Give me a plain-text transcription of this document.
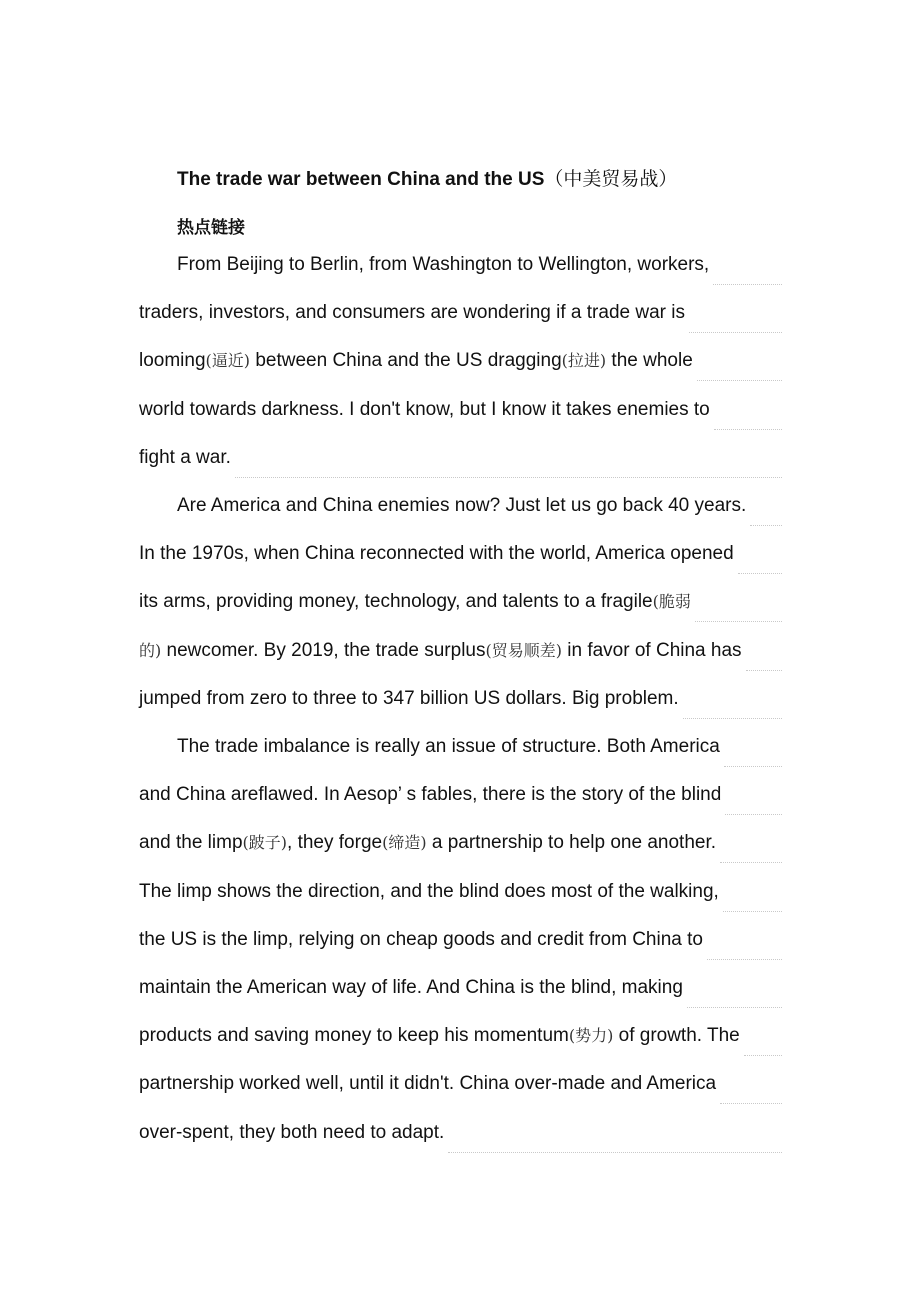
The trade war between China and the US（中美贸易战）
热点链接
From Beijing to Berlin, from Washington to Wellington, workers,
traders, investors, and consumers are wondering if a trade war is
looming(逼近) between China and the US dragging(拉进) the whole
world towards darkness. I don't know, but I know it takes enemies to
fight a war.
Are America and China enemies now? Just let us go back 40 years.
In the 1970s, when China reconnected with the world, America opened
its arms, providing money, technology, and talents to a fragile(脆弱
的) newcomer. By 2019, the trade surplus(贸易顺差) in favor of China has
jumped from zero to three to 347 billion US dollars. Big problem.
The trade imbalance is really an issue of structure. Both America
and China areflawed. In Aesop’ s fables, there is the story of the blind
and the limp(跛子), they forge(缔造) a partnership to help one another.
The limp shows the direction, and the blind does most of the walking,
the US is the limp, relying on cheap goods and credit from China to
maintain the American way of life. And China is the blind, making
products and saving money to keep his momentum(势力) of growth. The
partnership worked well, until it didn't. China over-made and America
over-spent, they both need to adapt.
